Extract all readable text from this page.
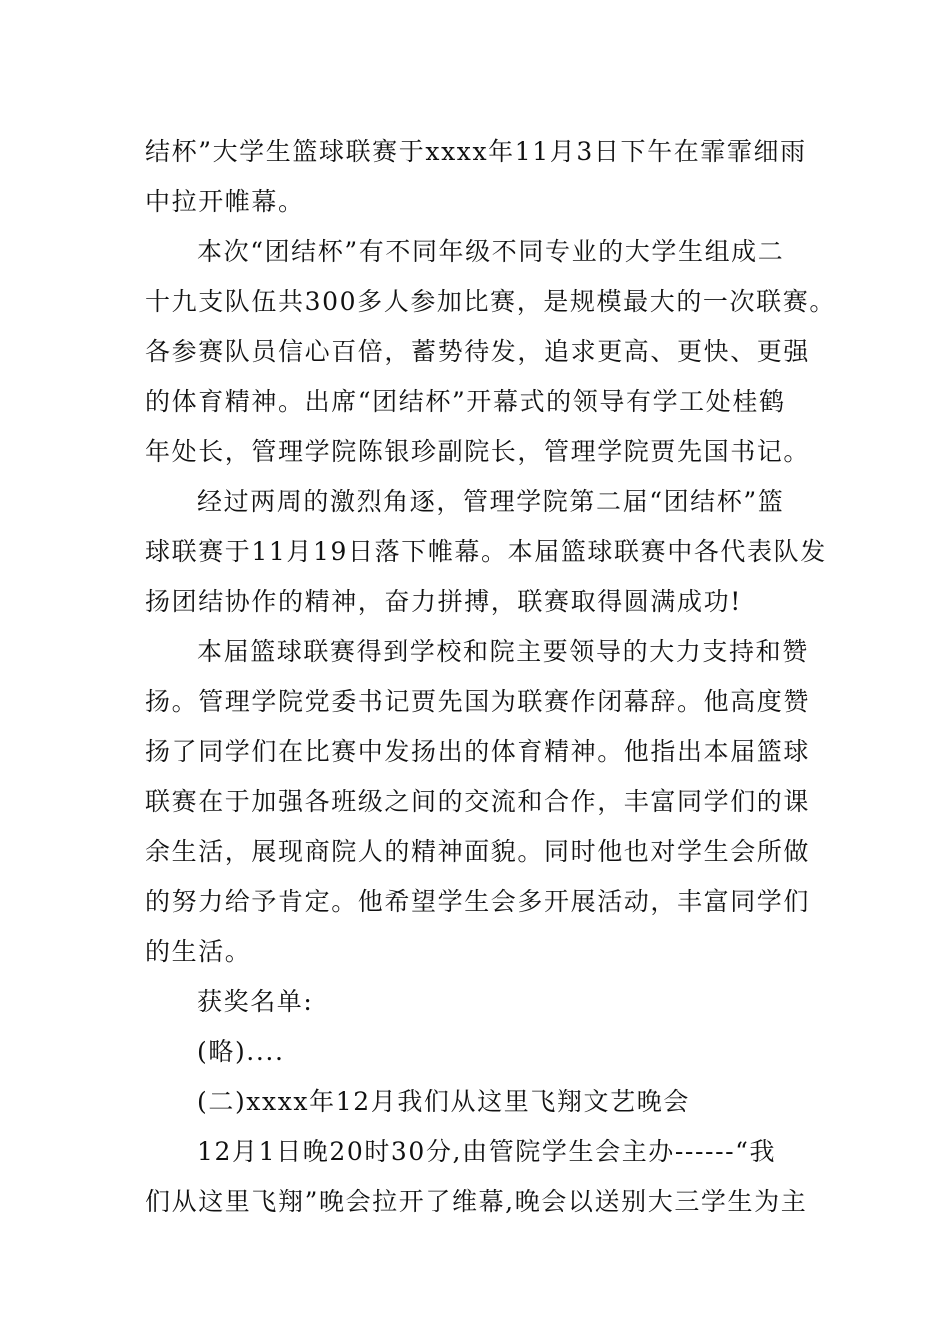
结杯”大学生篮球联赛于xxxx年11月3日下午在霏霏细雨
中拉开帷幕。
本次“团结杯”有不同年级不同专业的大学生组成二
十九支队伍共300多人参加比赛，是规模最大的一次联赛。
各参赛队员信心百倍，蓄势待发，追求更高、更快、更强
的体育精神。出席“团结杯”开幕式的领导有学工处桂鹤
年处长，管理学院陈银珍副院长，管理学院贾先国书记。
经过两周的激烈角逐，管理学院第二届“团结杯”篮
球联赛于11月19日落下帷幕。本届篮球联赛中各代表队发
扬团结协作的精神，奋力拼搏，联赛取得圆满成功!
本届篮球联赛得到学校和院主要领导的大力支持和赞
扬。管理学院党委书记贾先国为联赛作闭幕辞。他高度赞
扬了同学们在比赛中发扬出的体育精神。他指出本届篮球
联赛在于加强各班级之间的交流和合作，丰富同学们的课
余生活，展现商院人的精神面貌。同时他也对学生会所做
的努力给予肯定。他希望学生会多开展活动，丰富同学们
的生活。
获奖名单:
(略)....
(二)xxxx年12月我们从这里飞翔文艺晚会
12月1日晚20时30分,由管院学生会主办------“我
们从这里飞翔”晚会拉开了维幕,晚会以送别大三学生为主
